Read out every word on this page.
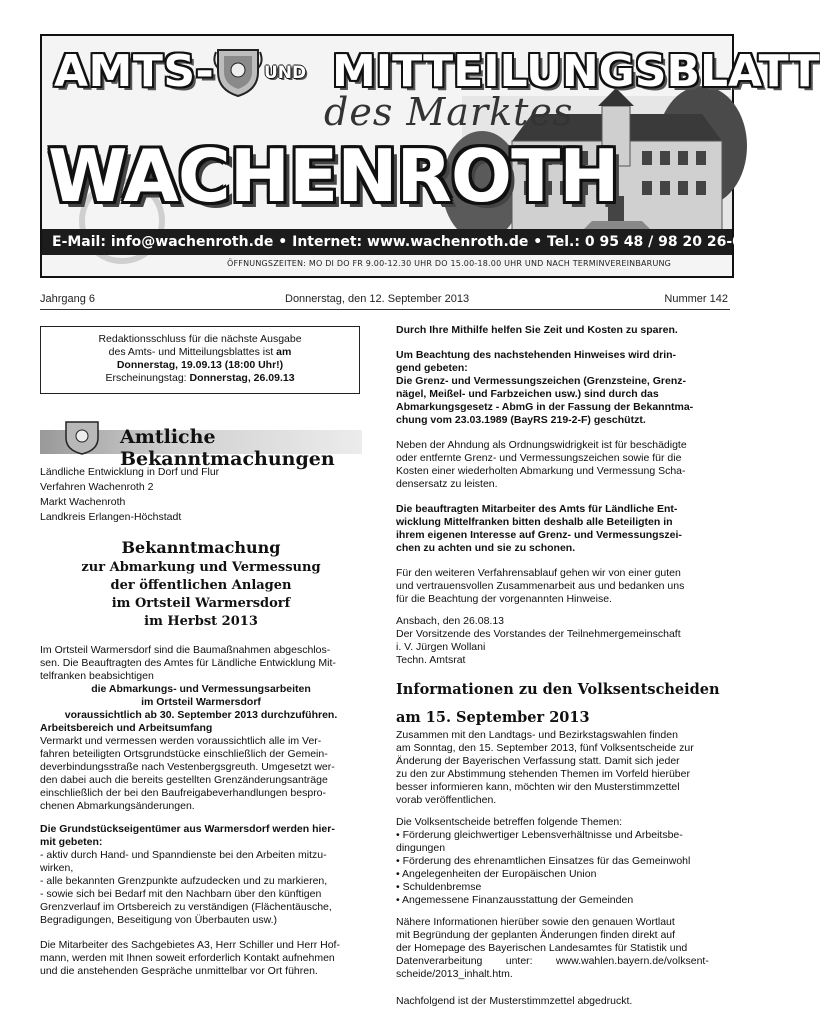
AMTS-	UND MITTEILUNGSBLATT
des Marktes
WACHENROTH
E-Mail: info@wachenroth.de • Internet: www.wachenroth.de • Tel.: 0 95 48 / 98 20 26-0
ÖFFNUNGSZEITEN: MO DI DO FR 9.00-12.30 UHR DO 15.00-18.00 UHR UND NACH TERMINVEREINBARUNG
Jahrgang 6	Donnerstag, den 12. September 2013	Nummer 142
Redaktionsschluss für die nächste Ausgabe
des Amts- und Mitteilungsblattes ist am
Donnerstag, 19.09.13 (18:00 Uhr!)
Erscheinungstag: Donnerstag, 26.09.13
Amtliche Bekanntmachungen
Ländliche Entwicklung in Dorf und Flur
Verfahren Wachenroth 2
Markt Wachenroth
Landkreis Erlangen-Höchstadt
Bekanntmachung
zur Abmarkung und Vermessung
der öffentlichen Anlagen
im Ortsteil Warmersdorf
im Herbst 2013
Im Ortsteil Warmersdorf sind die Baumaßnahmen abgeschlos-
sen. Die Beauftragten des Amtes für Ländliche Entwicklung Mit-
telfranken beabsichtigen
die Abmarkungs- und Vermessungsarbeiten
im Ortsteil Warmersdorf
voraussichtlich ab 30. September 2013 durchzuführen.
Arbeitsbereich und Arbeitsumfang
Vermarkt und vermessen werden voraussichtlich alle im Ver-
fahren beteiligten Ortsgrundstücke einschließlich der Gemein-
deverbindungsstraße nach Vestenbergsgreuth. Umgesetzt wer-
den dabei auch die bereits gestellten Grenzänderungsanträge
einschließlich der bei den Baufreigabeverhandlungen bespro-
chenen Abmarkungsänderungen.
Die Grundstückseigentümer aus Warmersdorf werden hier-
mit gebeten:
- aktiv durch Hand- und Spanndienste bei den Arbeiten mitzu-
wirken,
- alle bekannten Grenzpunkte aufzudecken und zu markieren,
- sowie sich bei Bedarf mit den Nachbarn über den künftigen
Grenzverlauf im Ortsbereich zu verständigen (Flächentäusche,
Begradigungen, Beseitigung von Überbauten usw.)
Die Mitarbeiter des Sachgebietes A3, Herr Schiller und Herr Hof-
mann, werden mit Ihnen soweit erforderlich Kontakt aufnehmen
und die anstehenden Gespräche unmittelbar vor Ort führen.
Durch Ihre Mithilfe helfen Sie Zeit und Kosten zu sparen.
Um Beachtung des nachstehenden Hinweises wird drin-
gend gebeten:
Die Grenz- und Vermessungszeichen (Grenzsteine, Grenz-
nägel, Meißel- und Farbzeichen usw.) sind durch das
Abmarkungsgesetz - AbmG in der Fassung der Bekanntma-
chung vom 23.03.1989 (BayRS 219-2-F) geschützt.
Neben der Ahndung als Ordnungswidrigkeit ist für beschädigte
oder entfernte Grenz- und Vermessungszeichen sowie für die
Kosten einer wiederholten Abmarkung und Vermessung Scha-
densersatz zu leisten.
Die beauftragten Mitarbeiter des Amts für Ländliche Ent-
wicklung Mittelfranken bitten deshalb alle Beteiligten in
ihrem eigenen Interesse auf Grenz- und Vermessungszei-
chen zu achten und sie zu schonen.
Für den weiteren Verfahrensablauf gehen wir von einer guten
und vertrauensvollen Zusammenarbeit aus und bedanken uns
für die Beachtung der vorgenannten Hinweise.
Ansbach, den 26.08.13
Der Vorsitzende des Vorstandes der Teilnehmergemeinschaft
i. V. Jürgen Wollani
Techn. Amtsrat
Informationen zu den Volksentscheiden
am 15. September 2013
Zusammen mit den Landtags- und Bezirkstagswahlen finden
am Sonntag, den 15. September 2013, fünf Volksentscheide zur
Änderung der Bayerischen Verfassung statt. Damit sich jeder
zu den zur Abstimmung stehenden Themen im Vorfeld hierüber
besser informieren kann, möchten wir den Musterstimmzettel
vorab veröffentlichen.
Die Volksentscheide betreffen folgende Themen:
• Förderung gleichwertiger Lebensverhältnisse und Arbeitsbe-
dingungen
• Förderung des ehrenamtlichen Einsatzes für das Gemeinwohl
• Angelegenheiten der Europäischen Union
• Schuldenbremse
• Angemessene Finanzausstattung der Gemeinden
Nähere Informationen hierüber sowie den genauen Wortlaut
mit Begründung der geplanten Änderungen finden direkt auf
der Homepage des Bayerischen Landesamtes für Statistik und
Datenverarbeitung        unter:        www.wahlen.bayern.de/volksent-
scheide/2013_inhalt.htm.
Nachfolgend ist der Musterstimmzettel abgedruckt.
